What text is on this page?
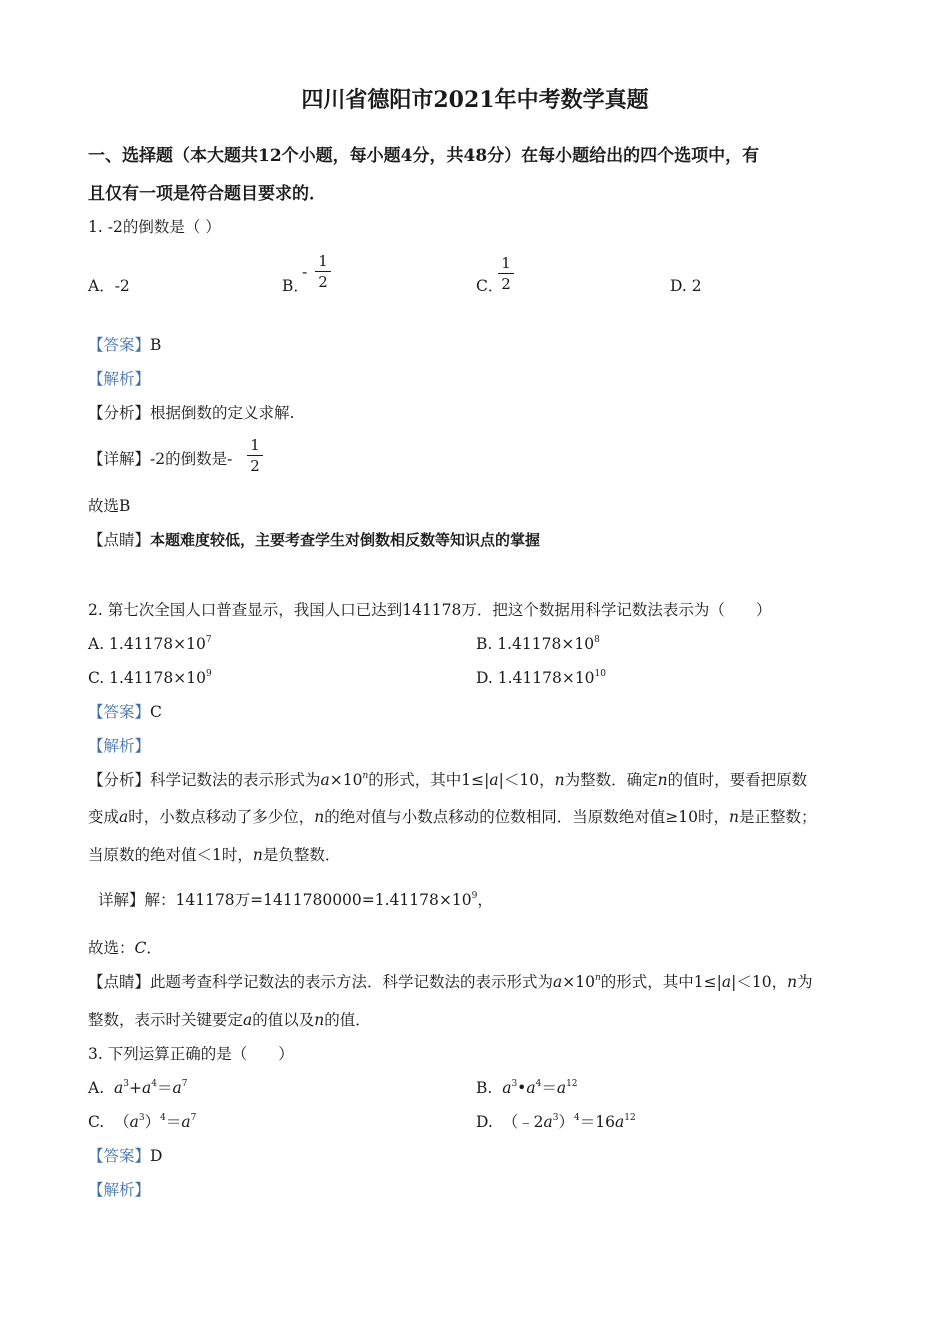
四川省德阳市2021年中考数学真题
一、选择题（本大题共12个小题，每小题4分，共48分）在每小题给出的四个选项中，有
且仅有一项是符合题目要求的．
1. -2的倒数是（ ）
A．-2	B．
-
1
2	C．
1
2	D. 2
【答案】B
【解析】
【分析】根据倒数的定义求解.
【详解】-2的倒数是-
1
2
故选B
【点睛】本题难度较低，主要考查学生对倒数相反数等知识点的掌握
2. 第七次全国人口普查显示，我国人口已达到141178万．把这个数据用科学记数法表示为（　　）
A. $1.41178\times 10^7$	B. $1.41178\times 10^8$
C. $1.41178\times 10^9$	D. $1.41178\times 10^{10}$
【答案】C
【解析】
【分析】科学记数法的表示形式为$a\times 10^n$的形式，其中1≤|a|＜10，n为整数．确定n的值时，要看把原数
变成a时，小数点移动了多少位，n的绝对值与小数点移动的位数相同．当原数绝对值≥10时，n是正整数；
当原数的绝对值＜1时，n是负整数．
详解】解：141178万$=1411780000=1.41178\times 10^9$，
故选：C．
【点睛】此题考查科学记数法的表示方法．科学记数法的表示形式为$a\times 10^n$的形式，其中1≤|a|＜10，n为
整数，表示时关键要定a的值以及n的值．
3. 下列运算正确的是（　　）
A. $a^3+a^4=a^7$	B. $a^3•a^4=a^{12}$
C.  $(a^3)^4=a^7$	D.  $(﹣2a^3)^4=16a^{12}$
【答案】D
【解析】
